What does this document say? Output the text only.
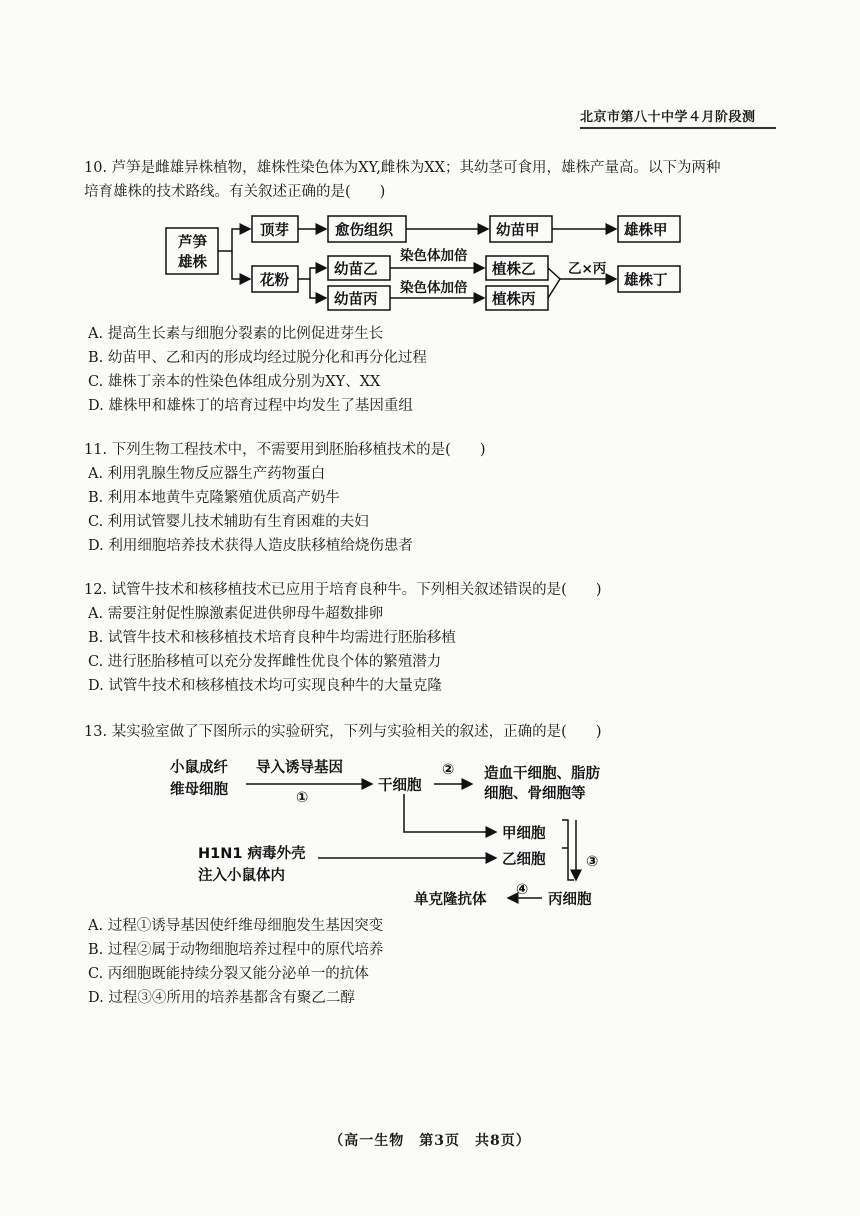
北京市第八十中学４月阶段测

10. 芦笋是雌雄异株植物，雄株性染色体为XY,雌株为XX；其幼茎可食用，雄株产量高。以下为两种

培育雄株的技术路线。有关叙述正确的是(　　)

芦笋
雄株
顶芽	愈伤组织	幼苗甲	雄株甲
花粉
幼苗乙
幼苗丙
染色体加倍
染色体加倍
植株乙
植株丙
乙×丙
雄株丁

A. 提高生长素与细胞分裂素的比例促进芽生长

B. 幼苗甲、乙和丙的形成均经过脱分化和再分化过程

C. 雄株丁亲本的性染色体组成分别为XY、XX

D. 雄株甲和雄株丁的培育过程中均发生了基因重组

11. 下列生物工程技术中，不需要用到胚胎移植技术的是(　　)

A. 利用乳腺生物反应器生产药物蛋白

B. 利用本地黄牛克隆繁殖优质高产奶牛

C. 利用试管婴儿技术辅助有生育困难的夫妇

D. 利用细胞培养技术获得人造皮肤移植给烧伤患者

12. 试管牛技术和核移植技术已应用于培育良种牛。下列相关叙述错误的是(　　)

A. 需要注射促性腺激素促进供卵母牛超数排卵

B. 试管牛技术和核移植技术培育良种牛均需进行胚胎移植

C. 进行胚胎移植可以充分发挥雌性优良个体的繁殖潜力

D. 试管牛技术和核移植技术均可实现良种牛的大量克隆

13. 某实验室做了下图所示的实验研究，下列与实验相关的叙述，正确的是(　　)

小鼠成纤
维母细胞
导入诱导基因
①
干细胞
② 造血干细胞、脂肪
细胞、骨细胞等
甲细胞
H1N1 病毒外壳
注入小鼠体内
乙细胞	③
单克隆抗体
④
丙细胞

A. 过程①诱导基因使纤维母细胞发生基因突变

B. 过程②属于动物细胞培养过程中的原代培养

C. 丙细胞既能持续分裂又能分泌单一的抗体

D. 过程③④所用的培养基都含有聚乙二醇

（高一生物　第3页　共8页）
